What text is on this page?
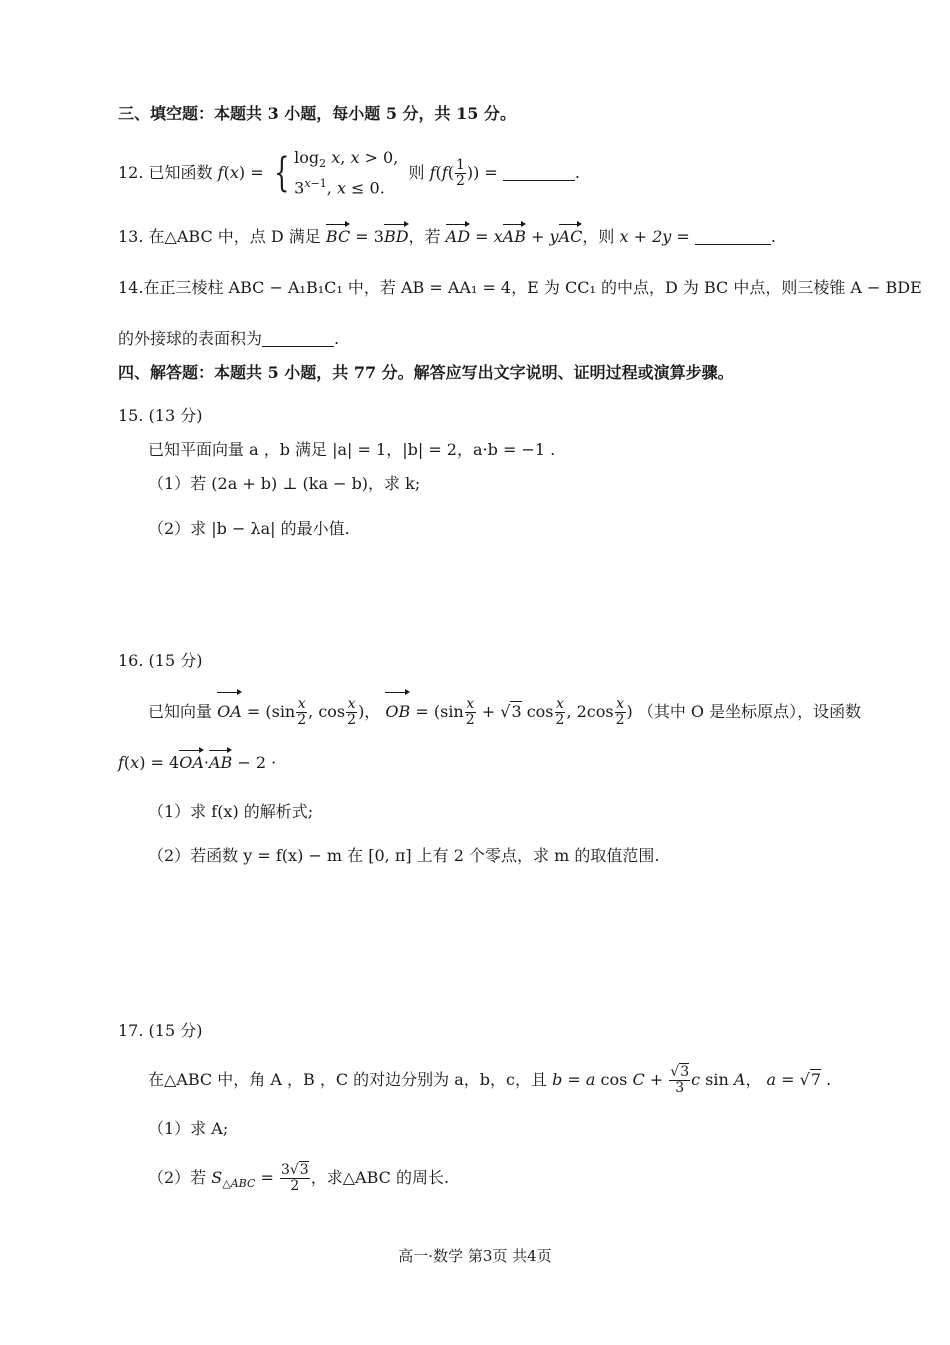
三、填空题：本题共 3 小题，每小题 5 分，共 15 分。
12. 已知函数 f(x) = { $\log_2 x$, x > 0,
$3^{x-1}$, x ≤ 0.
则 $f(f( \frac{1}{2}$ )) =	.
13. 在△ABC 中，点 D 满足 BC = 3BD，若 AD = xAB + yAC，则 x + 2y =	.
14.在正三棱柱 ABC − A₁B₁C₁ 中，若 AB = AA₁ = 4，E 为 CC₁ 的中点，D 为 BC 中点，则三棱锥 A − BDE
的外接球的表面积为	.
四、解答题：本题共 5 小题，共 77 分。解答应写出文字说明、证明过程或演算步骤。
15. (13 分)
已知平面向量 a ，b 满足 |a| = 1，|b| = 2，a·b = −1 .
（1）若 (2a + b) ⊥ (ka − b)，求 k;
（2）求 |b − λa| 的最小值.
16. (15 分)
已知向量 OA = ($\sin \frac{x}{2}$ , $\cos \frac{x}{2}$ )， OB = ($\sin \frac{x}{2} + √3$ $\cos \frac{x}{2}$ , $2\cos \frac{x}{2}$ ) （其中 O 是坐标原点），设函数
f(x) = 4OA·AB − 2 ·
（1）求 f(x) 的解析式;
（2）若函数 y = f(x) − m 在 [0, π] 上有 2 个零点，求 m 的取值范围.
17. (15 分)
在△ABC 中，角 A ，B ，C 的对边分别为 a，b，c，且 b = a $\cos C + \frac{√3}{3}$ c sin A， a = √7 .
（1）求 A;
（2）若 $S_{\triangle ABC} = \frac{3√3}{2}$ ，求△ABC 的周长.
高一·数学 第3页 共4页
